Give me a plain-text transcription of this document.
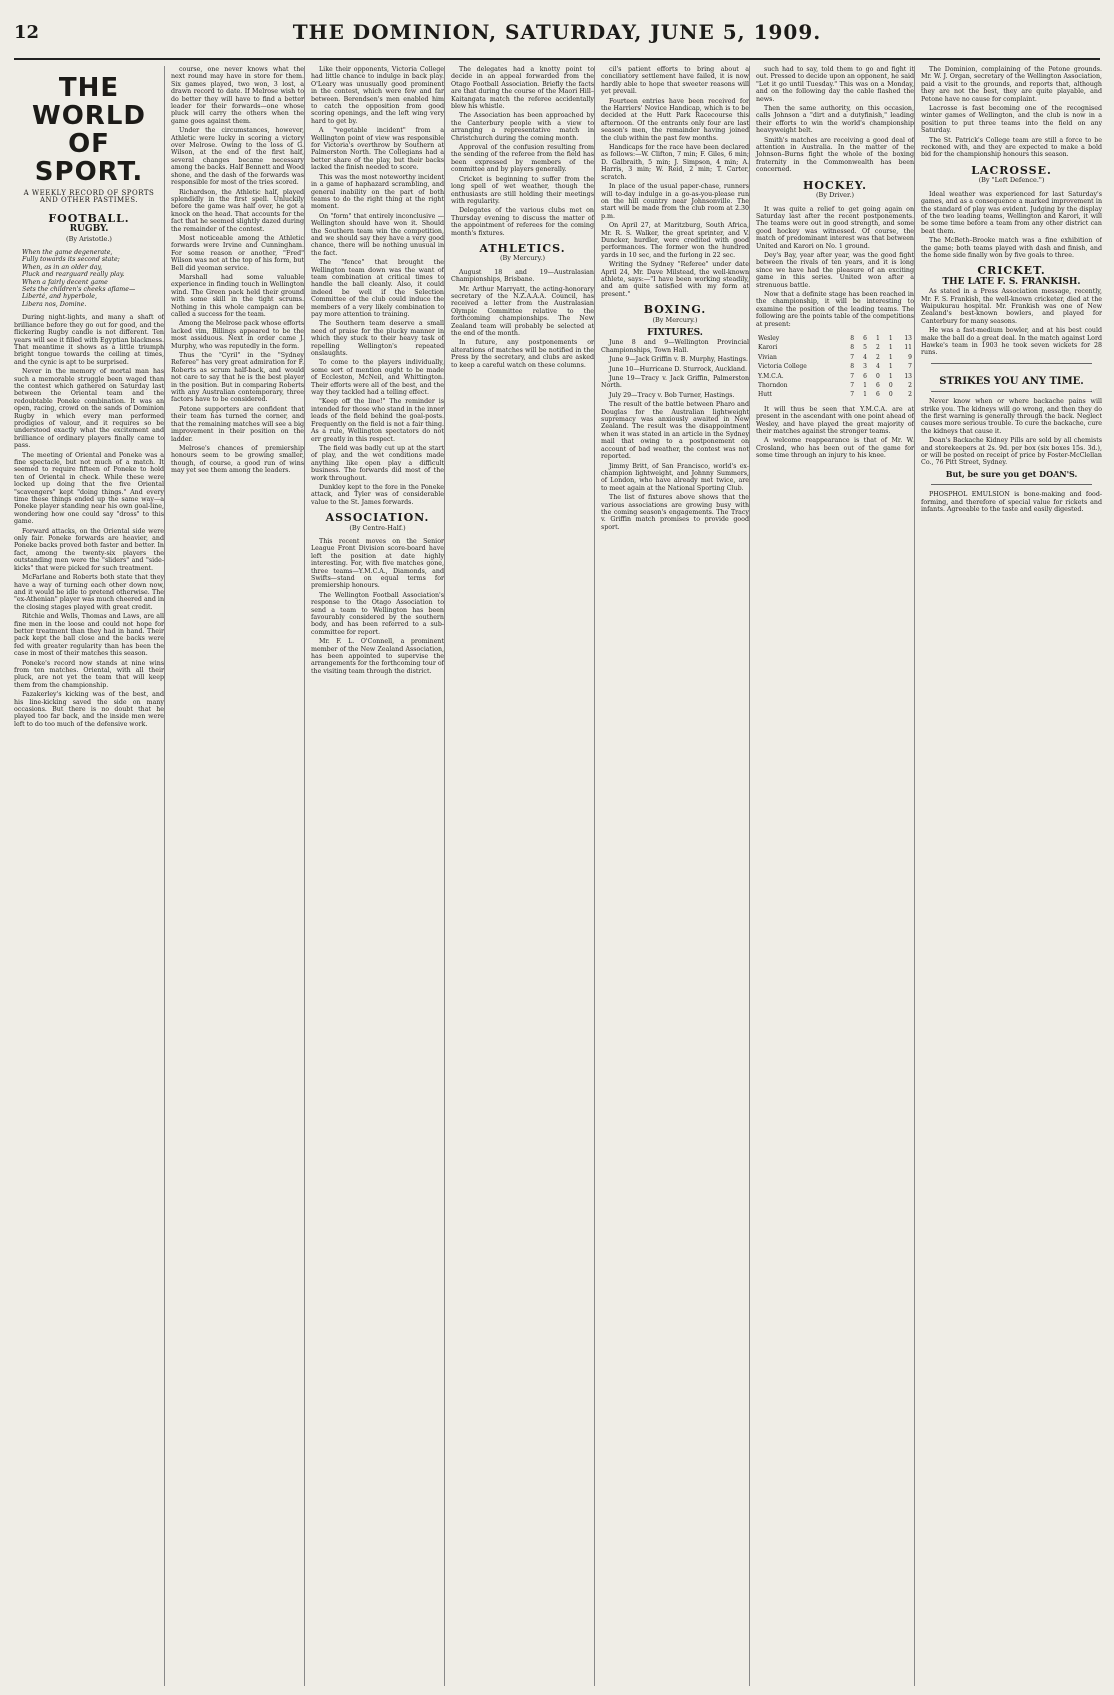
12	THE DOMINION, SATURDAY, JUNE 5, 1909.
THE WORLD OF SPORT.
A WEEKLY RECORD OF SPORTS AND OTHER PASTIMES.
FOOTBALL.
RUGBY.
(By Aristotle.)
When the game degenerate,
Fully towards its second state;
When, as in an older day,
Pluck and rearguard really play.
When a fairly decent game
Sets the children's cheeks aflame—
Liberté, and hyperbole,
Libera nos, Domine.

During night-lights, and many a shaft of brilliance before they go out for good, and the flickering Rugby candle is not different. Ten years will see it filled with Egyptian blackness. That meantime it shows as a little triumph bright tongue towards the ceiling at times, and the cynic is apt to be surprised.

Never in the memory of mortal man has such a memorable struggle been waged than the contest which gathered on Saturday last between the Oriental team and the redoubtable Poneke combination. It was an open, racing, crowd on the sands of Dominion Rugby in which every man performed prodigies of valour, and it requires so be understood exactly what the excitement and brilliance of ordinary players finally came to pass.

The meeting of Oriental and Poneke was a fine spectacle, but not much of a match. It seemed to require fifteen of Poneke to hold ten of Oriental in check. While these were locked up doing that the five Oriental "scavengers" kept "doing things." And every time these things ended up the same way—a Poneke player standing near his own goal-line, wondering how one could say "dross" to this game.

Forward attacks, on the Oriental side were only fair. Poneke forwards are heavier, and Poneke backs proved both faster and better. In fact, among the twenty-six players the outstanding men were the "sliders" and "side-kicks" that were picked for such treatment.

McFarlane and Roberts both state that they have a way of turning each other down now, and it would be idle to pretend otherwise. The "ex-Athenian" player was much cheered and in the closing stages played with great credit.

Ritchie and Wells, Thomas and Laws, are all fine men in the loose and could not hope for better treatment than they had in hand. Their pack kept the ball close and the backs were fed with greater regularity than has been the case in most of their matches this season.

Poneke's record now stands at nine wins from ten matches. Oriental, with all their pluck, are not yet the team that will keep them from the championship.

Fazakerley's kicking was of the best, and his line-kicking saved the side on many occasions. But there is no doubt that he played too far back, and the inside men were left to do too much of the defensive work.

course, one never knows what the next round may have in store for them. Six games played, two won, 3 lost, a drawn record to date. If Melrose wish to do better they will have to find a better leader for their forwards—one whose pluck will carry the others when the game goes against them.

Under the circumstances, however, Athletic were lucky in scoring a victory over Melrose. Owing to the loss of G. Wilson, at the end of the first half, several changes became necessary among the backs. Half Bennett and Wood shone, and the dash of the forwards was responsible for most of the tries scored.

Richardson, the Athletic half, played splendidly in the first spell. Unluckily before the game was half over, he got a knock on the head. That accounts for the fact that he seemed slightly dazed during the remainder of the contest.

Most noticeable among the Athletic forwards were Irvine and Cunningham. For some reason or another, "Fred" Wilson was not at the top of his form, but Bell did yeoman service.

Marshall had some valuable experience in finding touch in Wellington wind. The Green pack held their ground with some skill in the tight scrums. Nothing in this whole campaign can be called a success for the team.

Among the Melrose pack whose efforts lacked vim, Billings appeared to be the most assiduous. Next in order came J. Murphy, who was reputedly in the form.

Thus the "Cyril" in the "Sydney Referee" has very great admiration for F. Roberts as scrum half-back, and would not care to say that he is the best player in the position. But in comparing Roberts with any Australian contemporary, three factors have to be considered.

Petone supporters are confident that their team has turned the corner, and that the remaining matches will see a big improvement in their position on the ladder.

Melrose's chances of premiership honours seem to be growing smaller, though, of course, a good run of wins may yet see them among the leaders.

Like their opponents, Victoria College had little chance to indulge in back play. O'Leary was unusually good prominent in the contest, which were few and far between. Berendsen's men enabled him to catch the opposition from good scoring openings, and the left wing very hard to get by.

A "vegetable incident" from a Wellington point of view was responsible for Victoria's overthrow by Southern at Palmerston North. The Collegians had a better share of the play, but their backs lacked the finish needed to score.

This was the most noteworthy incident in a game of haphazard scrambling, and general inability on the part of both teams to do the right thing at the right moment.

On "form" that entirely inconclusive —Wellington should have won it. Should the Southern team win the competition, and we should say they have a very good chance, there will be nothing unusual in the fact.

The "fence" that brought the Wellington team down was the want of team combination at critical times to handle the ball cleanly. Also, it could indeed be well if the Selection Committee of the club could induce the members of a very likely combination to pay more attention to training.

The Southern team deserve a small need of praise for the plucky manner in which they stuck to their heavy task of repelling Wellington's repeated onslaughts.

To come to the players individually, some sort of mention ought to be made of Eccleston, McNeil, and Whittington. Their efforts were all of the best, and the way they tackled had a telling effect.

"Keep off the line!" The reminder is intended for those who stand in the inner leads of the field behind the goal-posts. Frequently on the field is not a fair thing. As a rule, Wellington spectators do not err greatly in this respect.

The field was badly cut up at the start of play, and the wet conditions made anything like open play a difficult business. The forwards did most of the work throughout.

Dunkley kept to the fore in the Poneke attack, and Tyler was of considerable value to the St. James forwards.

ASSOCIATION.
(By Centre-Half.)

This recent moves on the Senior League Front Division score-board have left the position at date highly interesting. For, with five matches gone, three teams—Y.M.C.A., Diamonds, and Swifts—stand on equal terms for premiership honours.

The Wellington Football Association's response to the Otago Association to send a team to Wellington has been favourably considered by the southern body, and has been referred to a sub-committee for report.

Mr. F. L. O'Connell, a prominent member of the New Zealand Association, has been appointed to supervise the arrangements for the forthcoming tour of the visiting team through the district.

The delegates had a knotty point to decide in an appeal forwarded from the Otago Football Association. Briefly the facts are that during the course of the Maori Hill–Kaitangata match the referee accidentally blew his whistle.

The Association has been approached by the Canterbury people with a view to arranging a representative match in Christchurch during the coming month.

Approval of the confusion resulting from the sending of the referee from the field has been expressed by members of the committee and by players generally.

Cricket is beginning to suffer from the long spell of wet weather, though the enthusiasts are still holding their meetings with regularity.

Delegates of the various clubs met on Thursday evening to discuss the matter of the appointment of referees for the coming month's fixtures.

ATHLETICS.
(By Mercury.)

August 18 and 19—Australasian Championships, Brisbane.

Mr. Arthur Marryatt, the acting-honorary secretary of the N.Z.A.A.A. Council, has received a letter from the Australasian Olympic Committee relative to the forthcoming championships. The New Zealand team will probably be selected at the end of the month.

In future, any postponements or alterations of matches will be notified in the Press by the secretary, and clubs are asked to keep a careful watch on these columns.

cil's patient efforts to bring about a conciliatory settlement have failed, it is now hardly able to hope that sweeter reasons will yet prevail.

Fourteen entries have been received for the Harriers' Novice Handicap, which is to be decided at the Hutt Park Racecourse this afternoon. Of the entrants only four are last season's men, the remainder having joined the club within the past few months.

Handicaps for the race have been declared as follows:—W. Clifton, 7 min; F. Giles, 6 min; D. Galbraith, 5 min; J. Simpson, 4 min; A. Harris, 3 min; W. Reid, 2 min; T. Carter, scratch.

In place of the usual paper-chase, runners will to-day indulge in a go-as-you-please run on the hill country near Johnsonville. The start will be made from the club room at 2.30 p.m.

On April 27, at Maritzburg, South Africa, Mr. R. S. Walker, the great sprinter, and V. Duncker, hurdler, were credited with good performances. The former won the hundred yards in 10 sec, and the furlong in 22 sec.

Writing the Sydney "Referee" under date April 24, Mr. Dave Milstead, the well-known athlete, says:—"I have been working steadily, and am quite satisfied with my form at present."

BOXING.
(By Mercury.)
FIXTURES.

June 8 and 9—Wellington Provincial Championships, Town Hall.

June 9—Jack Griffin v. B. Murphy, Hastings.

June 10—Hurricane D. Sturrock, Auckland.

June 19—Tracy v. Jack Griffin, Palmerston North.

July 29—Tracy v. Bob Turner, Hastings.

The result of the battle between Pharo and Douglas for the Australian lightweight supremacy was anxiously awaited in New Zealand. The result was the disappointment when it was stated in an article in the Sydney mail that owing to a postponement on account of bad weather, the contest was not reported.

Jimmy Britt, of San Francisco, world's ex-champion lightweight, and Johnny Summers, of London, who have already met twice, are to meet again at the National Sporting Club.

The list of fixtures above shows that the various associations are growing busy with the coming season's engagements. The Tracy v. Griffin match promises to provide good sport.

such had to say, told them to go and fight it out. Pressed to decide upon an opponent, he said "Let it go until Tuesday." This was on a Monday, and on the following day the cable flashed the news.

Then the same authority, on this occasion, calls Johnson a "dirt and a dutyfinish," leading their efforts to win the world's championship heavyweight belt.

Smith's matches are receiving a good deal of attention in Australia. In the matter of the Johnson–Burns fight the whole of the boxing fraternity in the Commonwealth has been concerned.

HOCKEY.
(By Driver.)

It was quite a relief to get going again on Saturday last after the recent postponements. The teams were out in good strength, and some good hockey was witnessed. Of course, the match of predominant interest was that between United and Karori on No. 1 ground.

Dey's Bay, year after year, was the good fight between the rivals of ten years, and it is long since we have had the pleasure of an exciting game in this series. United won after a strenuous battle.

Now that a definite stage has been reached in the championship, it will be interesting to examine the position of the leading teams. The following are the points table of the competitions at present:

Wesley	8	6	1	1	13
Karori	8	5	2	1	11
Vivian	7	4	2	1	9
Victoria College	8	3	4	1	7
Y.M.C.A.	7	6	0	1	13
Thorndon	7	1	6	0	2
Hutt	7	1	6	0	2

It will thus be seen that Y.M.C.A. are at present in the ascendant with one point ahead of Wesley, and have played the great majority of their matches against the stronger teams.

A welcome reappearance is that of Mr. W. Crosland, who has been out of the game for some time through an injury to his knee.

The Dominion, complaining of the Petone grounds. Mr. W. J. Organ, secretary of the Wellington Association, paid a visit to the grounds, and reports that, although they are not the best, they are quite playable, and Petone have no cause for complaint.

Lacrosse is fast becoming one of the recognised winter games of Wellington, and the club is now in a position to put three teams into the field on any Saturday.

The St. Patrick's College team are still a force to be reckoned with, and they are expected to make a bold bid for the championship honours this season.

LACROSSE.
(By "Left Defence.")

Ideal weather was experienced for last Saturday's games, and as a consequence a marked improvement in the standard of play was evident. Judging by the display of the two leading teams, Wellington and Karori, it will be some time before a team from any other district can beat them.

The McBeth–Brooke match was a fine exhibition of the game; both teams played with dash and finish, and the home side finally won by five goals to three.

CRICKET.
THE LATE F. S. FRANKISH.

As stated in a Press Association message, recently, Mr. F. S. Frankish, the well-known cricketer, died at the Waipukurau hospital. Mr. Frankish was one of New Zealand's best-known bowlers, and played for Canterbury for many seasons.

He was a fast-medium bowler, and at his best could make the ball do a great deal. In the match against Lord Hawke's team in 1903 he took seven wickets for 28 runs.

STRIKES YOU ANY TIME.

Never know when or where backache pains will strike you. The kidneys will go wrong, and then they do the first warning is generally through the back. Neglect causes more serious trouble. To cure the backache, cure the kidneys that cause it.

Doan's Backache Kidney Pills are sold by all chemists and storekeepers at 2s. 9d. per box (six boxes 15s. 3d.), or will be posted on receipt of price by Foster-McClellan Co., 76 Pitt Street, Sydney.

But, be sure you get DOAN'S.

PHOSPHOL EMULSION is bone-making and food-forming, and therefore of special value for rickets and infants. Agreeable to the taste and easily digested.
